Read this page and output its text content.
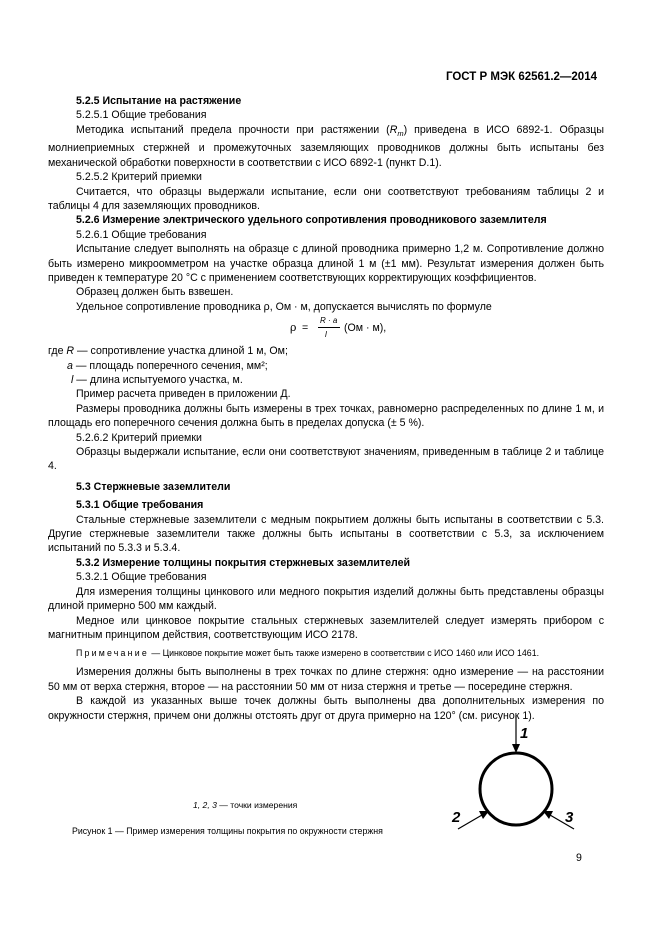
ГОСТ Р МЭК 62561.2—2014

5.2.5 Испытание на растяжение

5.2.5.1 Общие требования

Методика испытаний предела прочности при растяжении $(R_m)$ приведена в ИСО 6892-1. Образцы молниеприемных стержней и промежуточных заземляющих проводников должны быть испытаны без механической обработки поверхности в соответствии с ИСО 6892-1 (пункт D.1).

5.2.5.2 Критерий приемки

Считается, что образцы выдержали испытание, если они соответствуют требованиям таблицы 2 и таблицы 4 для заземляющих проводников.

5.2.6 Измерение электрического удельного сопротивления проводникового заземлителя

5.2.6.1 Общие требования

Испытание следует выполнять на образце с длиной проводника примерно 1,2 м. Сопротивление должно быть измерено микроомметром на участке образца длиной 1 м (±1 мм). Результат измерения должен быть приведен к температуре 20 °С с применением соответствующих корректирующих коэффициентов.

Образец должен быть взвешен.

Удельное сопротивление проводника ρ, Ом · м, допускается вычислять по формуле

ρ =
R · a
l
(Ом · м),

где R — сопротивление участка длиной 1 м, Ом;

a — площадь поперечного сечения, мм²;

l — длина испытуемого участка, м.

Пример расчета приведен в приложении Д.

Размеры проводника должны быть измерены в трех точках, равномерно распределенных по длине 1 м, и площадь его поперечного сечения должна быть в пределах допуска (± 5 %).

5.2.6.2 Критерий приемки

Образцы выдержали испытание, если они соответствуют значениям, приведенным в таблице 2 и таблице 4.

5.3 Стержневые заземлители

5.3.1 Общие требования

Стальные стержневые заземлители с медным покрытием должны быть испытаны в соответствии с 5.3. Другие стержневые заземлители также должны быть испытаны в соответствии с 5.3, за исключением испытаний по 5.3.3 и 5.3.4.

5.3.2 Измерение толщины покрытия стержневых заземлителей

5.3.2.1 Общие требования

Для измерения толщины цинкового или медного покрытия изделий должны быть представлены образцы длиной примерно 500 мм каждый.

Медное или цинковое покрытие стальных стержневых заземлителей следует измерять прибором с магнитным принципом действия, соответствующим ИСО 2178.

Примечание — Цинковое покрытие может быть также измерено в соответствии с ИСО 1460 или ИСО 1461.

Измерения должны быть выполнены в трех точках по длине стержня: одно измерение — на расстоянии 50 мм от верха стержня, второе — на расстоянии 50 мм от низа стержня и третье — посередине стержня.

В каждой из указанных выше точек должны быть выполнены два дополнительных измерения по окружности стержня, причем они должны отстоять друг от друга примерно на 120° (см. рисунок 1).

1
2	3
1, 2, 3 — точки измерения
Рисунок 1 — Пример измерения толщины покрытия по окружности стержня
9
